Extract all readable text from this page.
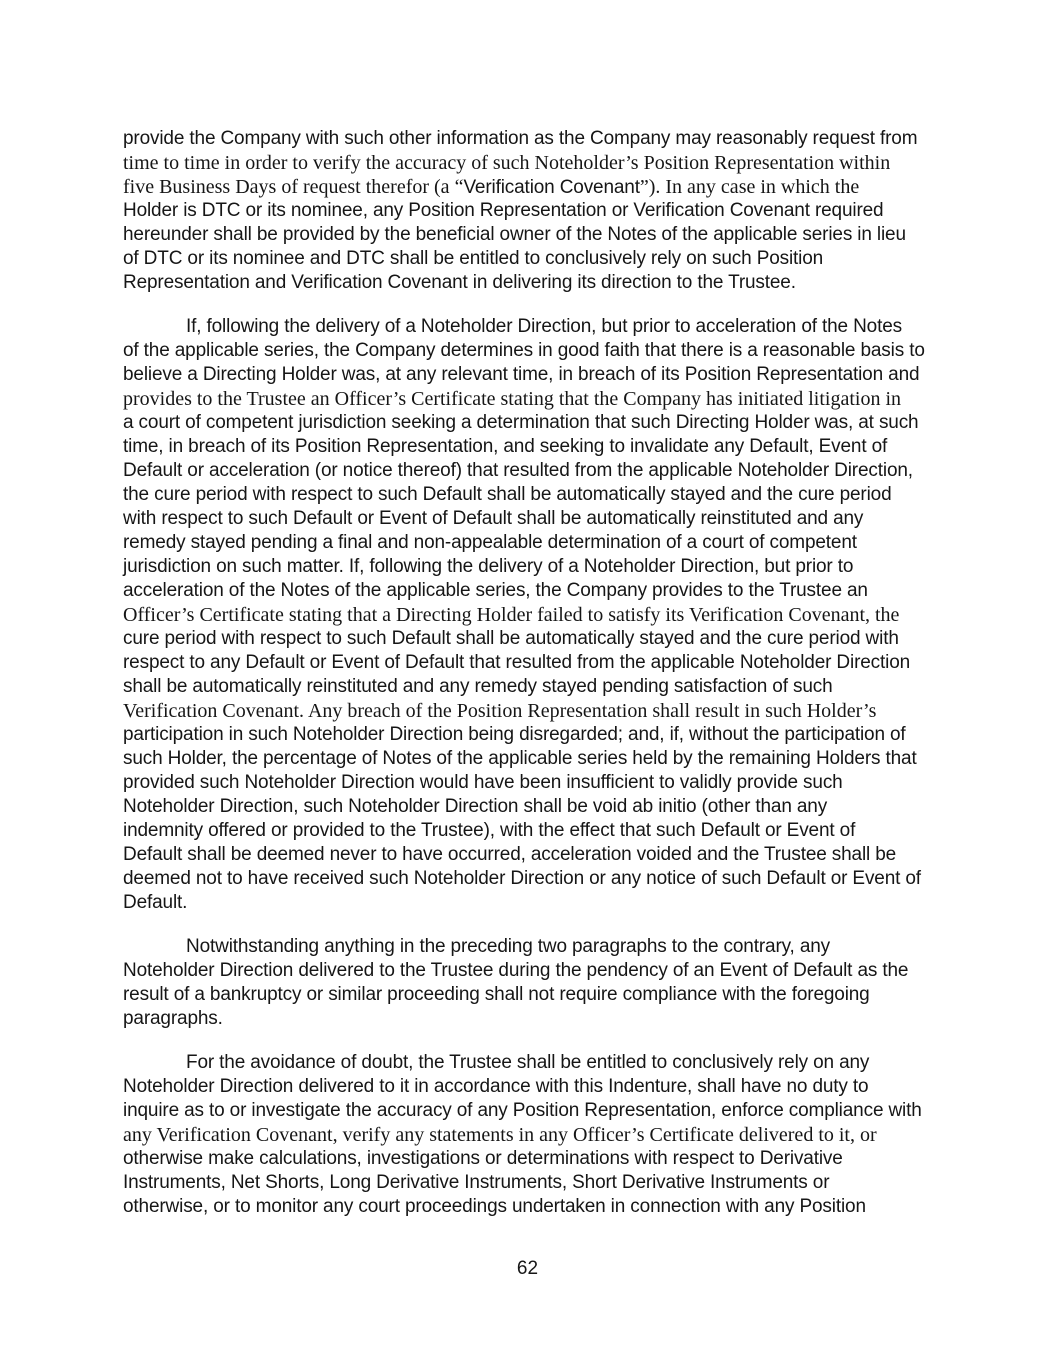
provide the Company with such other information as the Company may reasonably request from
time to time in order to verify the accuracy of such Noteholder’s Position Representation within
five Business Days of request therefor (a “Verification Covenant”). In any case in which the
Holder is DTC or its nominee, any Position Representation or Verification Covenant required
hereunder shall be provided by the beneficial owner of the Notes of the applicable series in lieu
of DTC or its nominee and DTC shall be entitled to conclusively rely on such Position
Representation and Verification Covenant in delivering its direction to the Trustee.
If, following the delivery of a Noteholder Direction, but prior to acceleration of the Notes
of the applicable series, the Company determines in good faith that there is a reasonable basis to
believe a Directing Holder was, at any relevant time, in breach of its Position Representation and
provides to the Trustee an Officer’s Certificate stating that the Company has initiated litigation in
a court of competent jurisdiction seeking a determination that such Directing Holder was, at such
time, in breach of its Position Representation, and seeking to invalidate any Default, Event of
Default or acceleration (or notice thereof) that resulted from the applicable Noteholder Direction,
the cure period with respect to such Default shall be automatically stayed and the cure period
with respect to such Default or Event of Default shall be automatically reinstituted and any
remedy stayed pending a final and non-appealable determination of a court of competent
jurisdiction on such matter. If, following the delivery of a Noteholder Direction, but prior to
acceleration of the Notes of the applicable series, the Company provides to the Trustee an
Officer’s Certificate stating that a Directing Holder failed to satisfy its Verification Covenant, the
cure period with respect to such Default shall be automatically stayed and the cure period with
respect to any Default or Event of Default that resulted from the applicable Noteholder Direction
shall be automatically reinstituted and any remedy stayed pending satisfaction of such
Verification Covenant. Any breach of the Position Representation shall result in such Holder’s
participation in such Noteholder Direction being disregarded; and, if, without the participation of
such Holder, the percentage of Notes of the applicable series held by the remaining Holders that
provided such Noteholder Direction would have been insufficient to validly provide such
Noteholder Direction, such Noteholder Direction shall be void ab initio (other than any
indemnity offered or provided to the Trustee), with the effect that such Default or Event of
Default shall be deemed never to have occurred, acceleration voided and the Trustee shall be
deemed not to have received such Noteholder Direction or any notice of such Default or Event of
Default.
Notwithstanding anything in the preceding two paragraphs to the contrary, any
Noteholder Direction delivered to the Trustee during the pendency of an Event of Default as the
result of a bankruptcy or similar proceeding shall not require compliance with the foregoing
paragraphs.
For the avoidance of doubt, the Trustee shall be entitled to conclusively rely on any
Noteholder Direction delivered to it in accordance with this Indenture, shall have no duty to
inquire as to or investigate the accuracy of any Position Representation, enforce compliance with
any Verification Covenant, verify any statements in any Officer’s Certificate delivered to it, or
otherwise make calculations, investigations or determinations with respect to Derivative
Instruments, Net Shorts, Long Derivative Instruments, Short Derivative Instruments or
otherwise, or to monitor any court proceedings undertaken in connection with any Position
62
